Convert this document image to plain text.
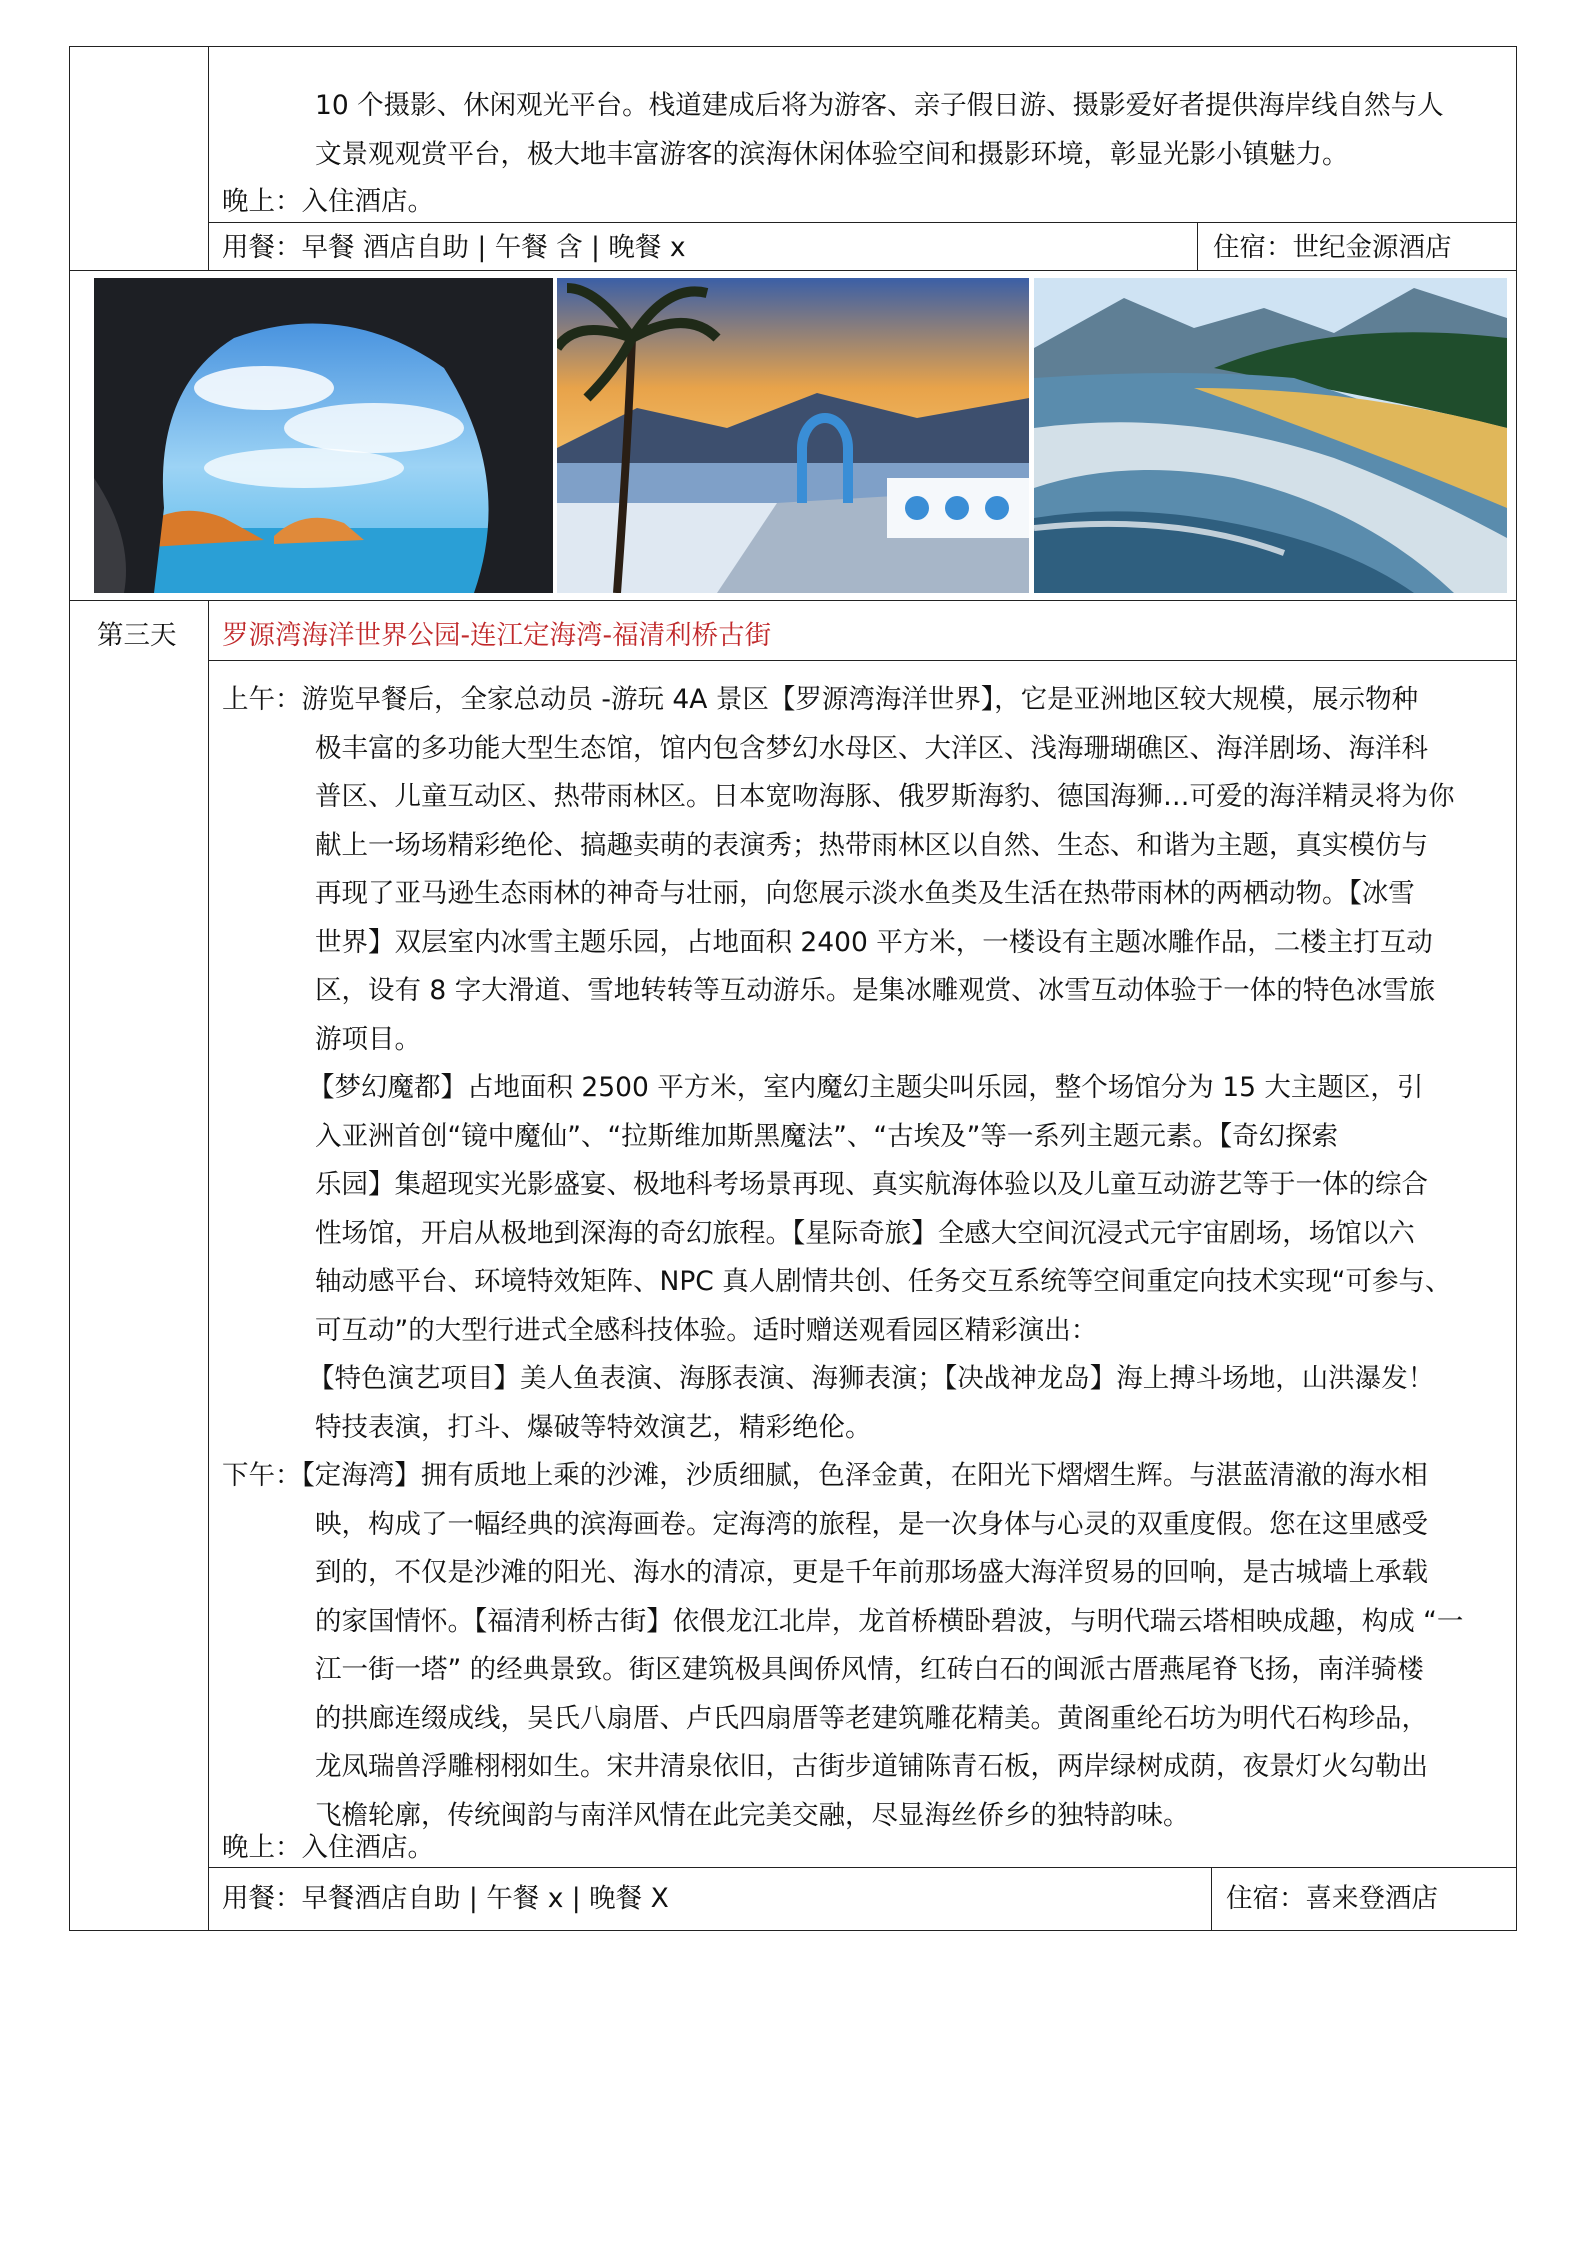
10 个摄影、休闲观光平台。栈道建成后将为游客、亲子假日游、摄影爱好者提供海岸线自然与人
文景观观赏平台，极大地丰富游客的滨海休闲体验空间和摄影环境，彰显光影小镇魅力。
晚上：入住酒店。
用餐：早餐 酒店自助 | 午餐 含 | 晚餐 x	住宿：世纪金源酒店
第三天 罗源湾海洋世界公园-连江定海湾-福清利桥古街
上午：游览早餐后，全家总动员 -游玩 4A 景区【罗源湾海洋世界】，它是亚洲地区较大规模，展示物种
极丰富的多功能大型生态馆，馆内包含梦幻水母区、大洋区、浅海珊瑚礁区、海洋剧场、海洋科
普区、儿童互动区、热带雨林区。日本宽吻海豚、俄罗斯海豹、德国海狮…可爱的海洋精灵将为你
献上一场场精彩绝伦、搞趣卖萌的表演秀；热带雨林区以自然、生态、和谐为主题，真实模仿与
再现了亚马逊生态雨林的神奇与壮丽，向您展示淡水鱼类及生活在热带雨林的两栖动物。【冰雪
世界】双层室内冰雪主题乐园，占地面积 2400 平方米，一楼设有主题冰雕作品，二楼主打互动
区，设有 8 字大滑道、雪地转转等互动游乐。是集冰雕观赏、冰雪互动体验于一体的特色冰雪旅
游项目。
【梦幻魔都】占地面积 2500 平方米，室内魔幻主题尖叫乐园，整个场馆分为 15 大主题区，引
入亚洲首创“镜中魔仙”、“拉斯维加斯黑魔法”、“古埃及”等一系列主题元素。【奇幻探索
乐园】集超现实光影盛宴、极地科考场景再现、真实航海体验以及儿童互动游艺等于一体的综合
性场馆，开启从极地到深海的奇幻旅程。【星际奇旅】全感大空间沉浸式元宇宙剧场，场馆以六
轴动感平台、环境特效矩阵、NPC 真人剧情共创、任务交互系统等空间重定向技术实现“可参与、
可互动”的大型行进式全感科技体验。适时赠送观看园区精彩演出：
【特色演艺项目】美人鱼表演、海豚表演、海狮表演；【决战神龙岛】海上搏斗场地，山洪瀑发！
特技表演，打斗、爆破等特效演艺，精彩绝伦。
下午：【定海湾】拥有质地上乘的沙滩，沙质细腻，色泽金黄，在阳光下熠熠生辉。与湛蓝清澈的海水相
映，构成了一幅经典的滨海画卷。定海湾的旅程，是一次身体与心灵的双重度假。您在这里感受
到的，不仅是沙滩的阳光、海水的清凉，更是千年前那场盛大海洋贸易的回响，是古城墙上承载
的家国情怀。【福清利桥古街】依偎龙江北岸，龙首桥横卧碧波，与明代瑞云塔相映成趣，构成 “一
江一街一塔” 的经典景致。街区建筑极具闽侨风情，红砖白石的闽派古厝燕尾脊飞扬，南洋骑楼
的拱廊连缀成线，吴氏八扇厝、卢氏四扇厝等老建筑雕花精美。黄阁重纶石坊为明代石构珍品，
龙凤瑞兽浮雕栩栩如生。宋井清泉依旧，古街步道铺陈青石板，两岸绿树成荫，夜景灯火勾勒出
飞檐轮廓，传统闽韵与南洋风情在此完美交融，尽显海丝侨乡的独特韵味。
晚上：入住酒店。
用餐：早餐酒店自助 | 午餐 x | 晚餐 X	住宿：喜来登酒店
